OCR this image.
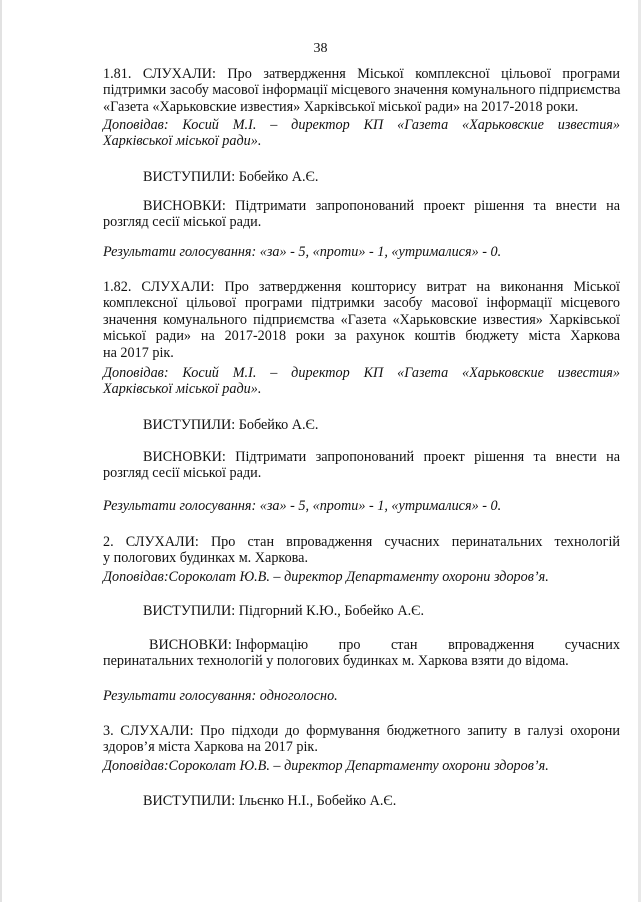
38
1.81. СЛУХАЛИ: Про затвердження Міської комплексної цільової програми
підтримки засобу масової інформації місцевого значення комунального підприємства
«Газета «Харьковские известия» Харківської міської ради» на 2017-2018 роки.
Доповідав: Косий М.І. – директор КП «Газета «Харьковские известия»
Харківської міської ради».
ВИСТУПИЛИ: Бобейко А.Є.
ВИСНОВКИ: Підтримати запропонований проект рішення та внести на
розгляд сесії міської ради.
Результати голосування: «за» - 5, «проти» - 1, «утрималися» - 0.
1.82. СЛУХАЛИ: Про затвердження кошторису витрат на виконання Міської
комплексної цільової програми підтримки засобу масової інформації місцевого
значення комунального підприємства «Газета «Харьковские известия» Харківської
міської ради» на 2017-2018 роки за рахунок коштів бюджету міста Харкова
на 2017 рік.
Доповідав: Косий М.І. – директор КП «Газета «Харьковские известия»
Харківської міської ради».
ВИСТУПИЛИ: Бобейко А.Є.
ВИСНОВКИ: Підтримати запропонований проект рішення та внести на
розгляд сесії міської ради.
Результати голосування: «за» - 5, «проти» - 1, «утрималися» - 0.
2. СЛУХАЛИ: Про стан впровадження сучасних перинатальних технологій
у пологових будинках м. Харкова.
Доповідав:Сороколат Ю.В. – директор Департаменту охорони здоров’я.
ВИСТУПИЛИ: Підгорний К.Ю., Бобейко А.Є.
ВИСНОВКИ: Інформацію про стан впровадження сучасних
перинатальних технологій у пологових будинках м. Харкова взяти до відома.
Результати голосування: одноголосно.
3. СЛУХАЛИ: Про підходи до формування бюджетного запиту в галузі охорони
здоров’я міста Харкова на 2017 рік.
Доповідав:Сороколат Ю.В. – директор Департаменту охорони здоров’я.
ВИСТУПИЛИ: Ільєнко Н.І., Бобейко А.Є.
